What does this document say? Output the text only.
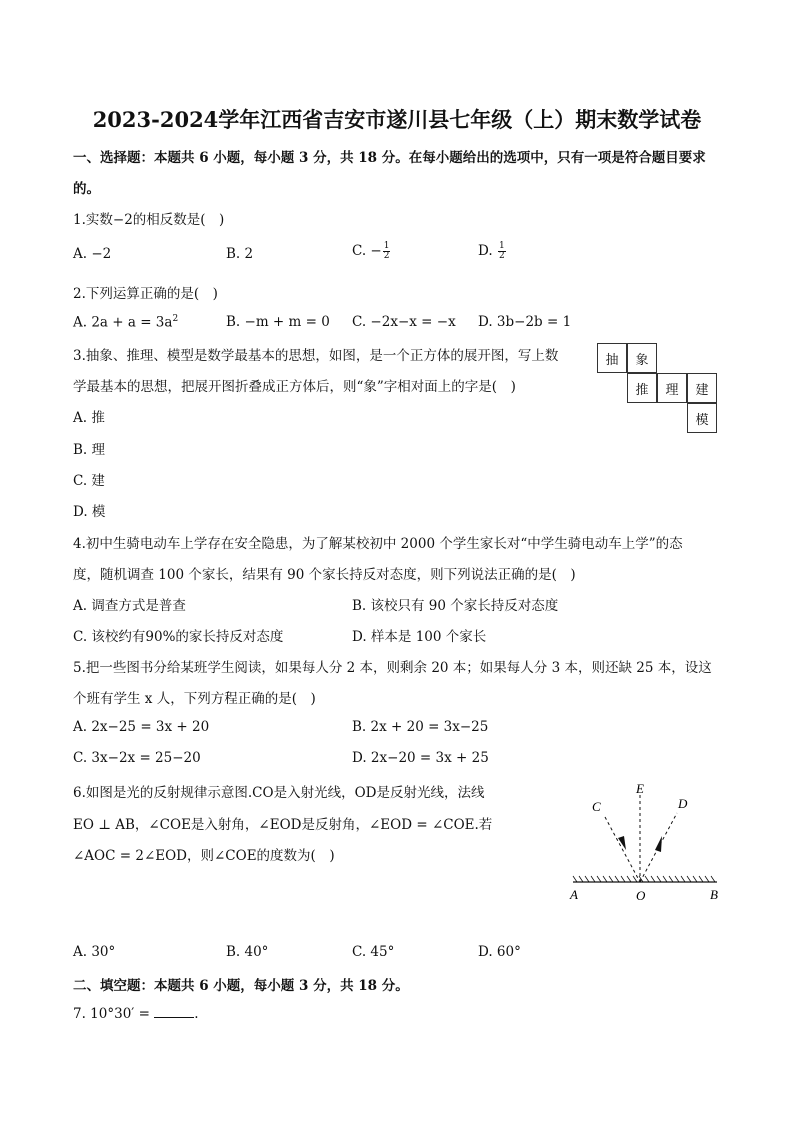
2023-2024学年江西省吉安市遂川县七年级（上）期末数学试卷
一、选择题：本题共 6 小题，每小题 3 分，共 18 分。在每小题给出的选项中，只有一项是符合题目要求
的。
1.实数−2的相反数是(　)
A. −2	B. 2	C. − $\frac{1}{2}$	D. $\frac{1}{2}$
2.下列运算正确的是(　)
A. $2a + a = 3a^2$	B. −m + m = 0 C. −2x−x = −x D. 3b−2b = 1
3.抽象、推理、模型是数学最基本的思想，如图，是一个正方体的展开图，写上数
学最基本的思想，把展开图折叠成正方体后，则“象”字相对面上的字是(　)
A. 推
B. 理
C. 建
D. 模
抽	象
推	理	建
模
4.初中生骑电动车上学存在安全隐患，为了解某校初中 2000 个学生家长对“中学生骑电动车上学”的态
度，随机调查 100 个家长，结果有 90 个家长持反对态度，则下列说法正确的是(　)
A. 调查方式是普查	B. 该校只有 90 个家长持反对态度
C. 该校约有90%的家长持反对态度	D. 样本是 100 个家长
5.把一些图书分给某班学生阅读，如果每人分 2 本，则剩余 20 本；如果每人分 3 本，则还缺 25 本，设这
个班有学生 x 人，下列方程正确的是(　)
A. 2x−25 = 3x + 20	B. 2x + 20 = 3x−25
C. 3x−2x = 25−20	D. 2x−20 = 3x + 25
6.如图是光的反射规律示意图.CO是入射光线，OD是反射光线，法线
EO ⊥ AB，∠COE是入射角，∠EOD是反射角，∠EOD = ∠COE.若
∠AOC = 2∠EOD，则∠COE的度数为(　)
C
E
D
A	O	B
A. 30°	B. 40°	C. 45°	D. 60°
二、填空题：本题共 6 小题，每小题 3 分，共 18 分。
7. 10°30′ =	.
